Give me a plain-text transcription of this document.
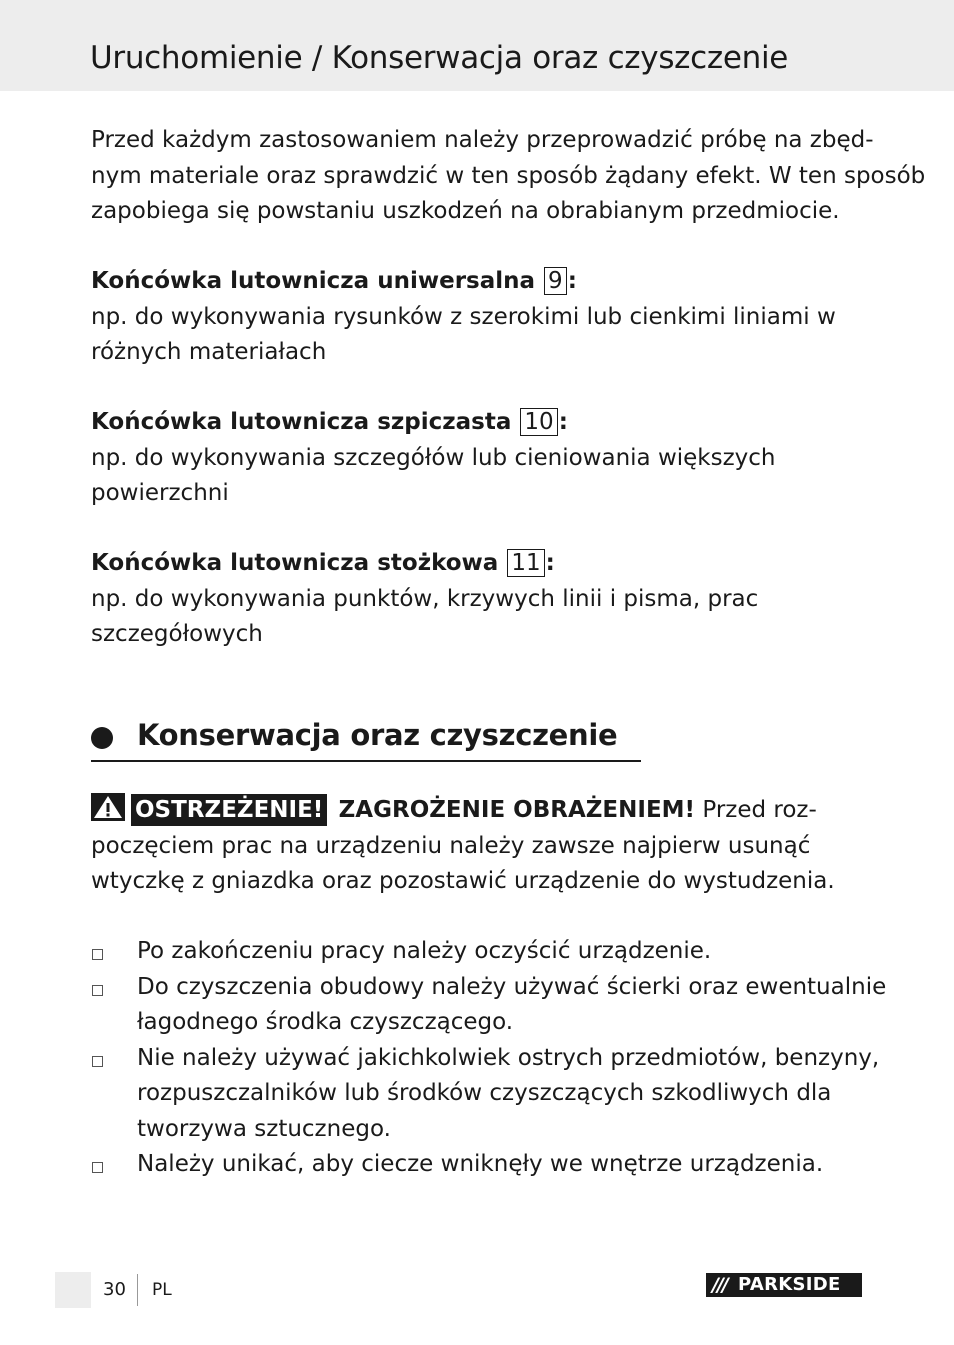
Uruchomienie / Konserwacja oraz czyszczenie
Przed każdym zastosowaniem należy przeprowadzić próbę na zbęd-
nym materiale oraz sprawdzić w ten sposób żądany efekt. W ten sposób
zapobiega się powstaniu uszkodzeń na obrabianym przedmiocie.
Końcówka lutownicza uniwersalna 9 :
np. do wykonywania rysunków z szerokimi lub cienkimi liniami w
różnych materiałach
Końcówka lutownicza szpiczasta 10 :
np. do wykonywania szczegółów lub cieniowania większych
powierzchni
Końcówka lutownicza stożkowa 11 :
np. do wykonywania punktów, krzywych linii i pisma, prac
szczegółowych
Konserwacja oraz czyszczenie
OSTRZEŻENIE! ZAGROŻENIE OBRAŻENIEM! Przed roz-
poczęciem prac na urządzeniu należy zawsze najpierw usunąć
wtyczkę z gniazdka oraz pozostawić urządzenie do wystudzenia.
Po zakończeniu pracy należy oczyścić urządzenie.
Do czyszczenia obudowy należy używać ścierki oraz ewentualnie
łagodnego środka czyszczącego.
Nie należy używać jakichkolwiek ostrych przedmiotów, benzyny,
rozpuszczalników lub środków czyszczących szkodliwych dla
tworzywa sztucznego.
Należy unikać, aby ciecze wniknęły we wnętrze urządzenia.
30 PL	/// PARKSIDE
